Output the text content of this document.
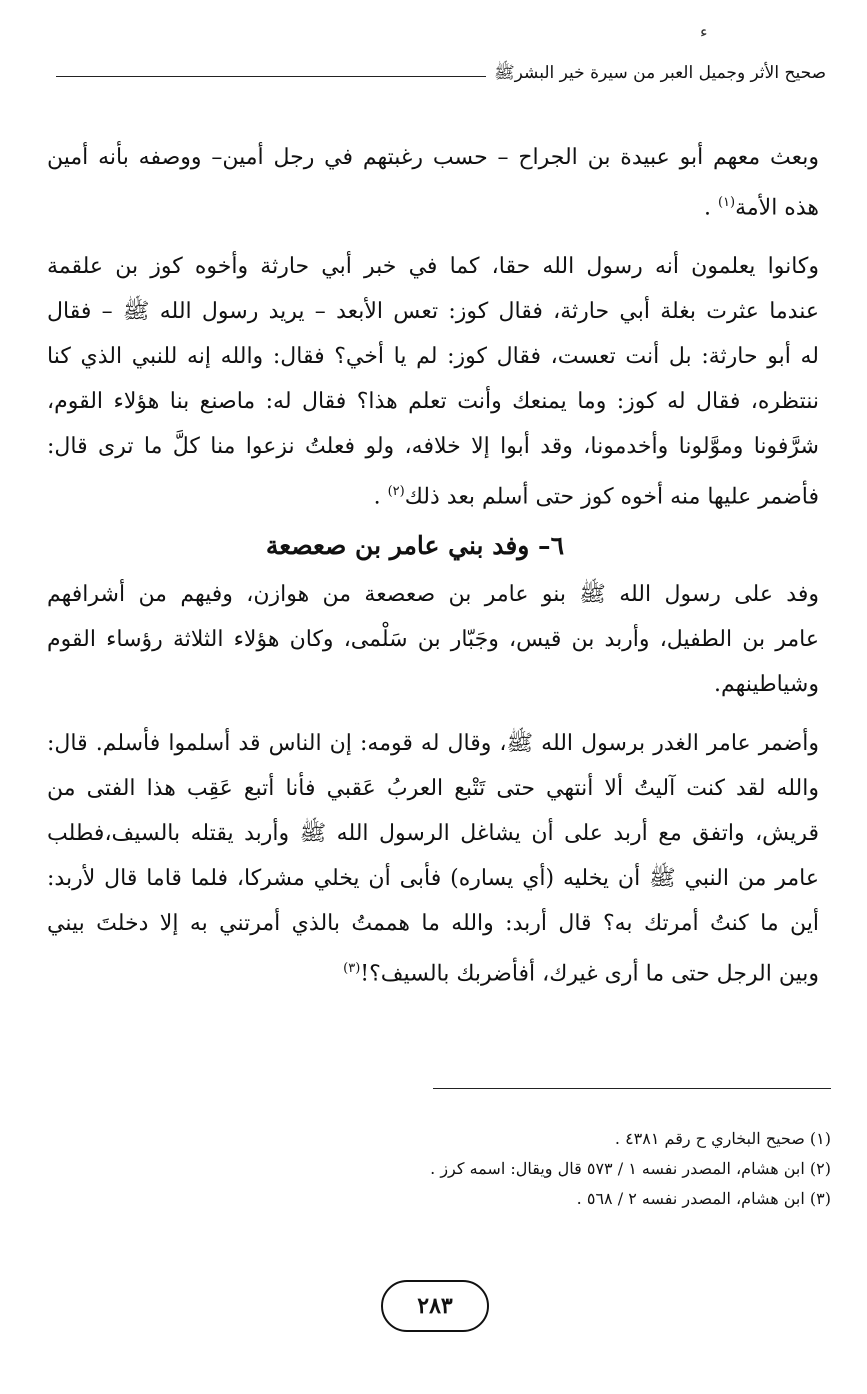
ﺀ
صحيح الأثر وجميل العبر من سيرة خير البشرﷺ

وبعث معهم أبو عبيدة بن الجراح – حسب رغبتهم في رجل أمين– ووصفه بأنه أمين

هذه الأمة$^{(١)}$ .

وكانوا يعلمون أنه رسول الله حقا، كما في خبر أبي حارثة وأخوه كوز بن علقمة

عندما عثرت بغلة أبي حارثة، فقال كوز: تعس الأبعد – يريد رسول الله ﷺ – فقال

له أبو حارثة: بل أنت تعست، فقال كوز: لم يا أخي؟ فقال: والله إنه للنبي الذي كنا

ننتظره، فقال له كوز: وما يمنعك وأنت تعلم هذا؟ فقال له: ماصنع بنا هؤلاء القوم،

شرَّفونا وموَّلونا وأخدمونا، وقد أبوا إلا خلافه، ولو فعلتُ نزعوا منا كلَّ ما ترى قال:

فأضمر عليها منه أخوه كوز حتى أسلم بعد ذلك$^{(٢)}$ .

٦– وفد بني عامر بن صعصعة

وفد على رسول الله ﷺ بنو عامر بن صعصعة من هوازن، وفيهم من أشرافهم

عامر بن الطفيل، وأربد بن قيس، وجَبّار بن سَلْمى، وكان هؤلاء الثلاثة رؤساء القوم

وشياطينهم.

وأضمر عامر الغدر برسول الله ﷺ، وقال له قومه: إن الناس قد أسلموا فأسلم. قال:

والله لقد كنت آليتُ ألا أنتهي حتى تَتْبع العربُ عَقبي فأنا أتبع عَقِب هذا الفتى من

قريش، واتفق مع أربد على أن يشاغل الرسول الله ﷺ وأربد يقتله بالسيف،فطلب

عامر من النبي ﷺ أن يخليه (أي يساره) فأبى أن يخلي مشركا، فلما قاما قال لأربد:

أين ما كنتُ أمرتك به؟ قال أربد: والله ما هممتُ بالذي أمرتني به إلا دخلتَ بيني

وبين الرجل حتى ما أرى غيرك، أفأضربك بالسيف؟!$^{(٣)}$

(١) صحيح البخاري ح رقم ٤٣٨١ .

(٢) ابن هشام، المصدر نفسه ١ / ٥٧٣ قال ويقال: اسمه كرز .

(٣) ابن هشام، المصدر نفسه ٢ / ٥٦٨ .

٢٨٣
